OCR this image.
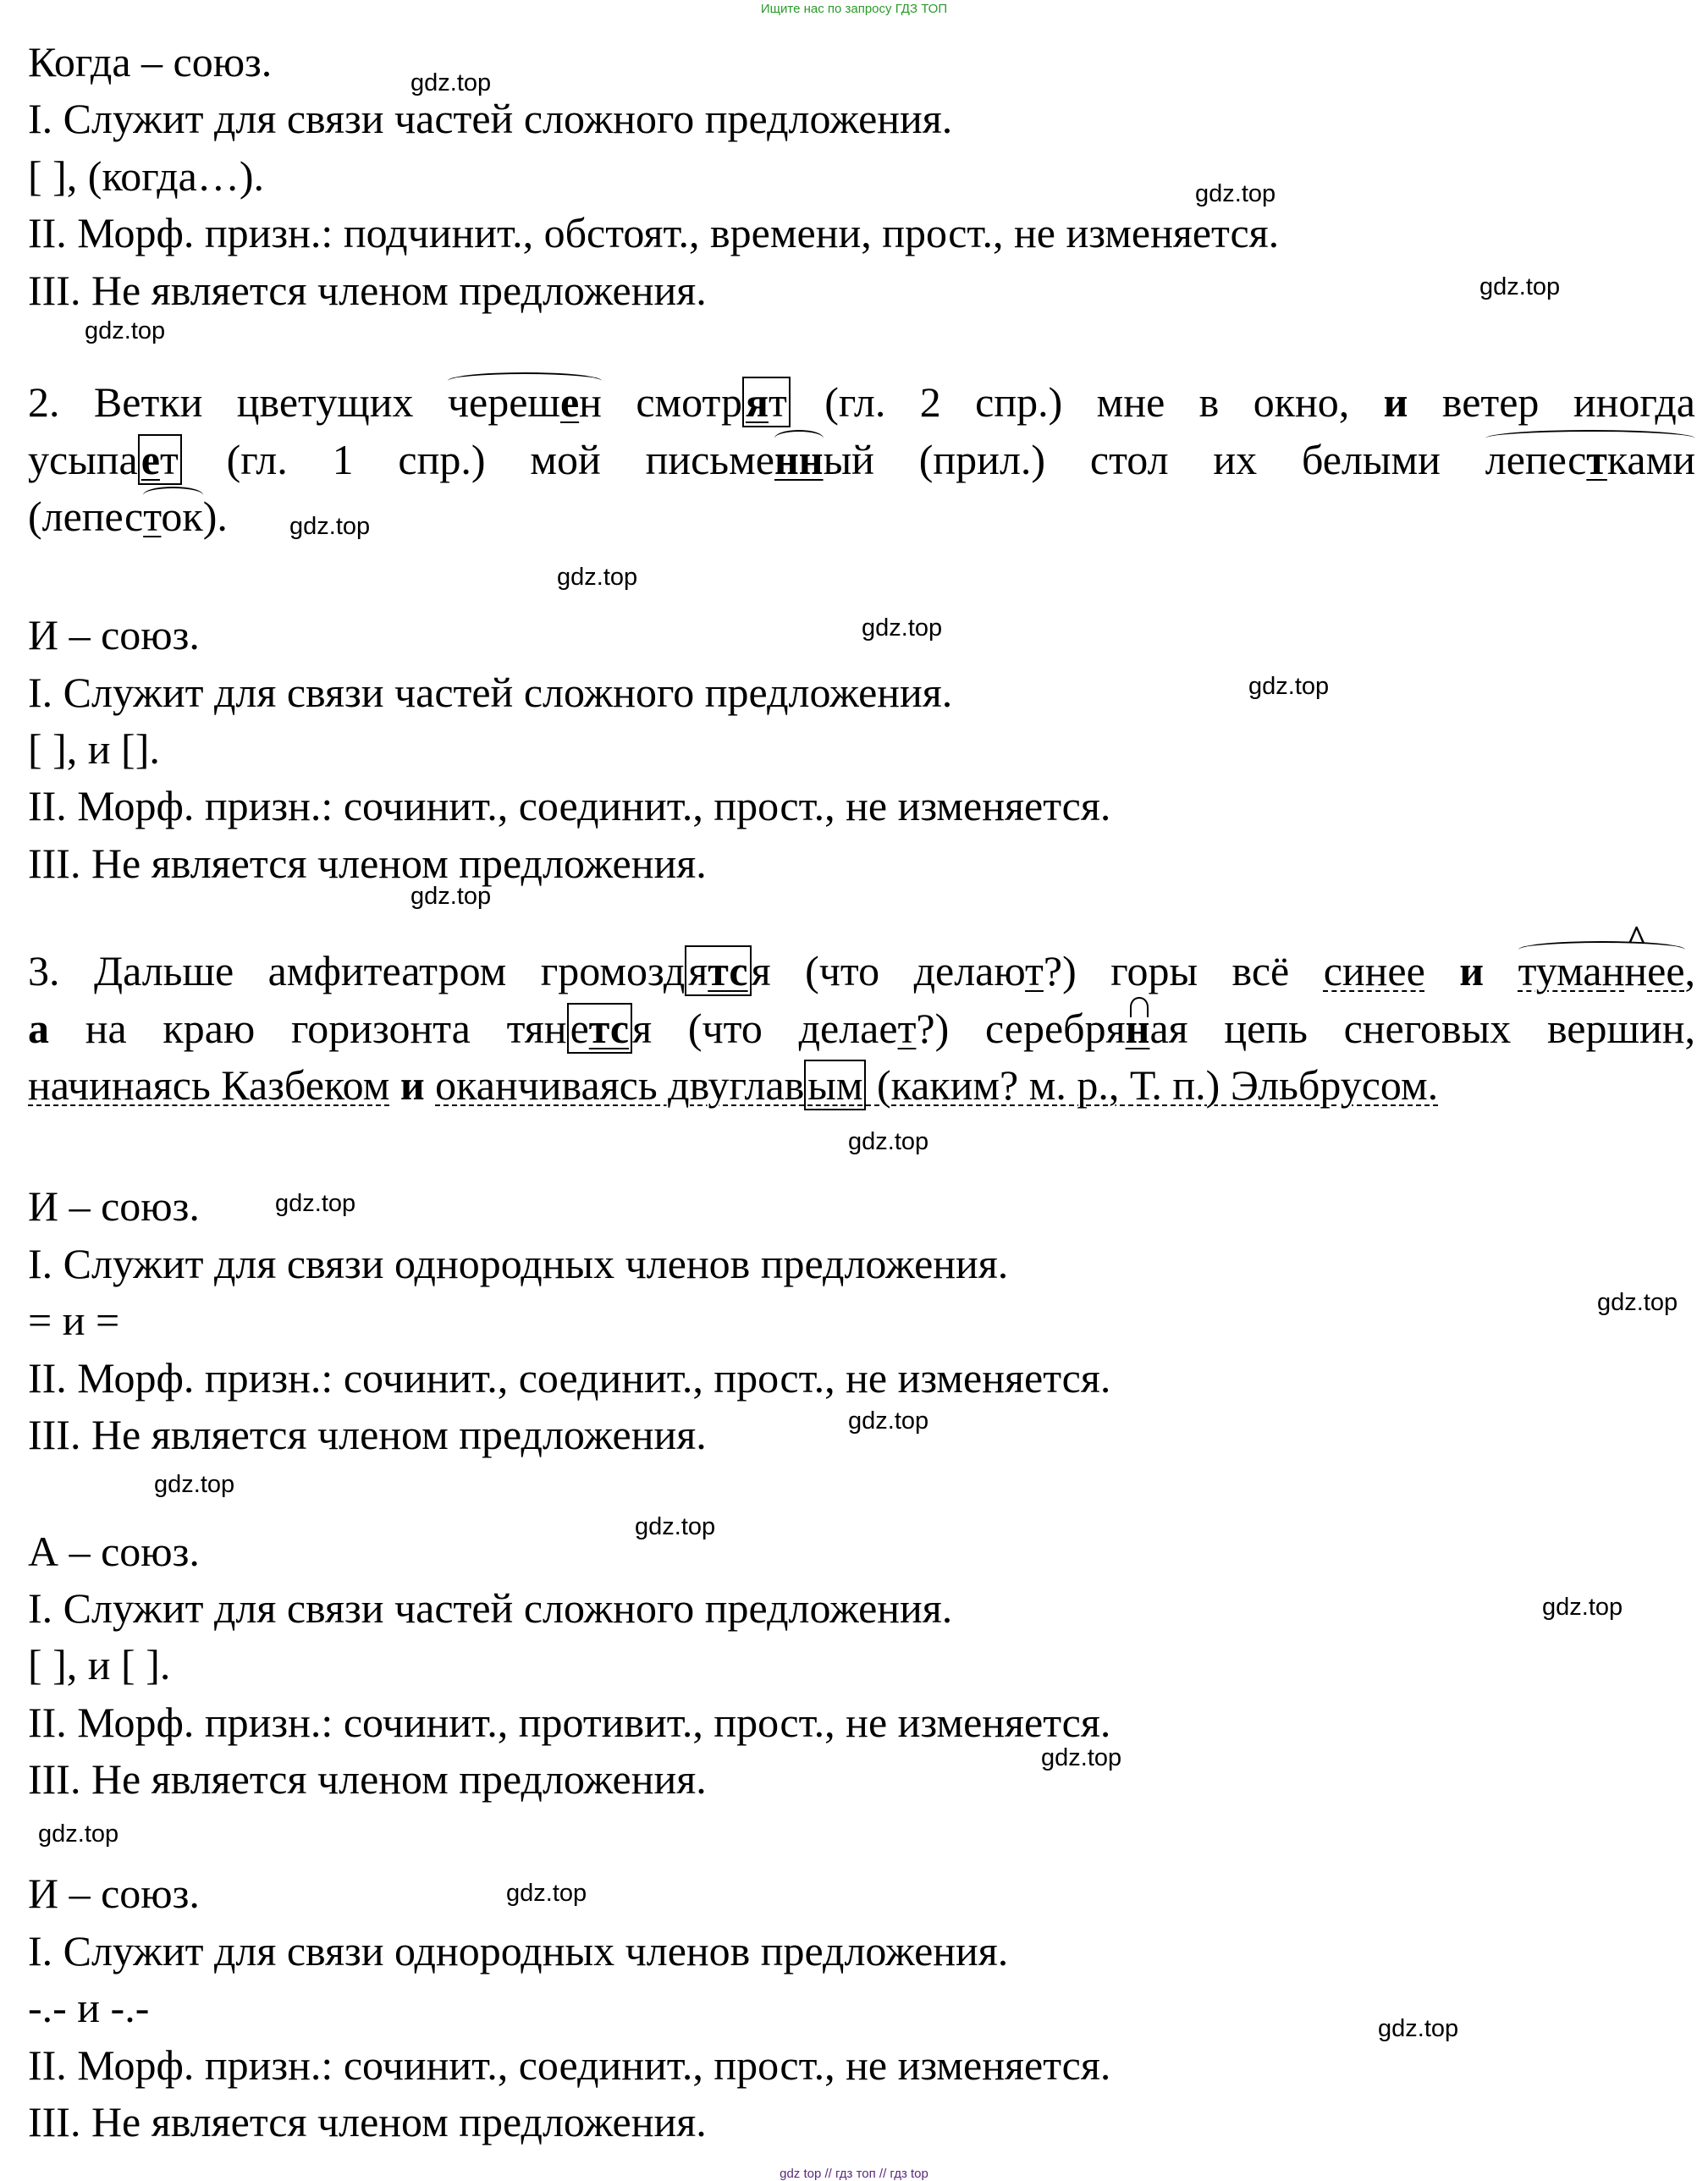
Ищите нас по запросу ГДЗ ТОП
Когда – союз.
I. Служит для связи частей сложного предложения.
[ ], (когда…).
II. Морф. призн.: подчинит., обстоят., времени, прост., не изменяется.
III. Не является членом предложения.
2. Ветки цветущих черешен смотрят (гл. 2 спр.) мне в окно, и ветер иногда
усыпает (гл. 1 спр.) мой письменный (прил.) стол их белыми лепестками
(лепесток).
И – союз.
I. Служит для связи частей сложного предложения.
[ ], и [].
II. Морф. призн.: сочинит., соединит., прост., не изменяется.
III. Не является членом предложения.
3. Дальше амфитеатром громоздятся (что делают?) горы всё синее и туман^ нее,
а на краю горизонта тянется (что делает?) серебряная цепь снеговых вершин,
начинаясь Казбеком и оканчиваясь двуглавым (каким? м. р., Т. п.) Эльбрусом.
И – союз.
I. Служит для связи однородных членов предложения.
= и =
II. Морф. призн.: сочинит., соединит., прост., не изменяется.
III. Не является членом предложения.
А – союз.
I. Служит для связи частей сложного предложения.
[ ], и [ ].
II. Морф. призн.: сочинит., противит., прост., не изменяется.
III. Не является членом предложения.
И – союз.
I. Служит для связи однородных членов предложения.
-.- и -.-
II. Морф. призн.: сочинит., соединит., прост., не изменяется.
III. Не является членом предложения.
gdz.top
gdz.top
gdz.top
gdz.top
gdz.top
gdz.top
gdz.top
gdz.top
gdz.top
gdz.top
gdz.top
gdz.top
gdz.top
gdz.top
gdz.top
gdz.top
gdz.top
gdz.top
gdz.top
gdz.top
gdz top // гдз топ // гдз top
